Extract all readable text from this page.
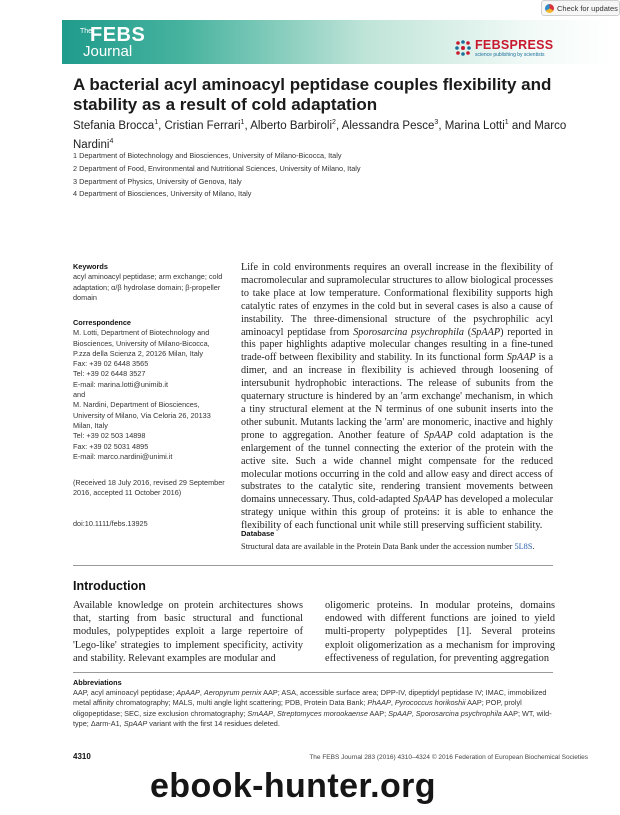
Check for updates
The
FEBS
Journal	FEBSPRESS
science publishing by scientists
A bacterial acyl aminoacyl peptidase couples flexibility and stability as a result of cold adaptation
Stefania Brocca$^1$, Cristian Ferrari$^1$, Alberto Barbiroli$^2$, Alessandra Pesce$^3$, Marina Lotti$^1$ and Marco Nardini$^4$
1 Department of Biotechnology and Biosciences, University of Milano-Bicocca, Italy
2 Department of Food, Environmental and Nutritional Sciences, University of Milano, Italy
3 Department of Physics, University of Genova, Italy
4 Department of Biosciences, University of Milano, Italy
Keywords
acyl aminoacyl peptidase; arm exchange; cold adaptation; α/β hydrolase domain; β-propeller domain
Correspondence
M. Lotti, Department of Biotechnology and
Biosciences, University of Milano-Bicocca,
P.zza della Scienza 2, 20126 Milan, Italy
Fax: +39 02 6448 3565
Tel: +39 02 6448 3527
E-mail: marina.lotti@unimib.it
and
M. Nardini, Department of Biosciences,
University of Milano, Via Celoria 26, 20133
Milan, Italy
Tel: +39 02 503 14898
Fax: +39 02 5031 4895
E-mail: marco.nardini@unimi.it
(Received 18 July 2016, revised 29 September 2016, accepted 11 October 2016)
doi:10.1111/febs.13925

Life in cold environments requires an overall increase in the flexibility of macromolecular and supramolecular structures to allow biological processes to take place at low temperature. Conformational flexibility supports high catalytic rates of enzymes in the cold but in several cases is also a cause of instability. The three-dimensional structure of the psychrophilic acyl aminoacyl peptidase from Sporosarcina psychrophila (SpAAP) reported in this paper highlights adaptive molecular changes resulting in a fine-tuned trade-off between flexibility and stability. In its functional form SpAAP is a dimer, and an increase in flexibility is achieved through loosening of intersubunit hydrophobic interactions. The release of subunits from the quaternary structure is hindered by an 'arm exchange' mechanism, in which a tiny structural element at the N terminus of one subunit inserts into the other subunit. Mutants lacking the 'arm' are monomeric, inactive and highly prone to aggregation. Another feature of SpAAP cold adaptation is the enlargement of the tunnel connecting the exterior of the protein with the active site. Such a wide channel might compensate for the reduced molecular motions occurring in the cold and allow easy and direct access of substrates to the catalytic site, rendering transient movements between domains unnecessary. Thus, cold-adapted SpAAP has developed a molecular strategy unique within this group of proteins: it is able to enhance the flexibility of each functional unit while still preserving sufficient stability.

Database
Structural data are available in the Protein Data Bank under the accession number 5L8S.
Introduction

Available knowledge on protein architectures shows that, starting from basic structural and functional modules, polypeptides exploit a large repertoire of 'Lego-like' strategies to implement specificity, activity and stability. Relevant examples are modular and

oligomeric proteins. In modular proteins, domains endowed with different functions are joined to yield multi-property polypeptides [1]. Several proteins exploit oligomerization as a mechanism for improving effectiveness of regulation, for preventing aggregation

Abbreviations

AAP, acyl aminoacyl peptidase; ApAAP, Aeropyrum pernix AAP; ASA, accessible surface area; DPP-IV, dipeptidyl peptidase IV; IMAC, immobilized metal affinity chromatography; MALS, multi angle light scattering; PDB, Protein Data Bank; PhAAP, Pyrococcus horikoshii AAP; POP, prolyl oligopeptidase; SEC, size exclusion chromatography; SmAAP, Streptomyces morookaense AAP; SpAAP, Sporosarcina psychrophila AAP; WT, wild-type; Δarm-A1, SpAAP variant with the first 14 residues deleted.

4310	The FEBS Journal 283 (2016) 4310–4324 © 2016 Federation of European Biochemical Societies
ebook-hunter.org
